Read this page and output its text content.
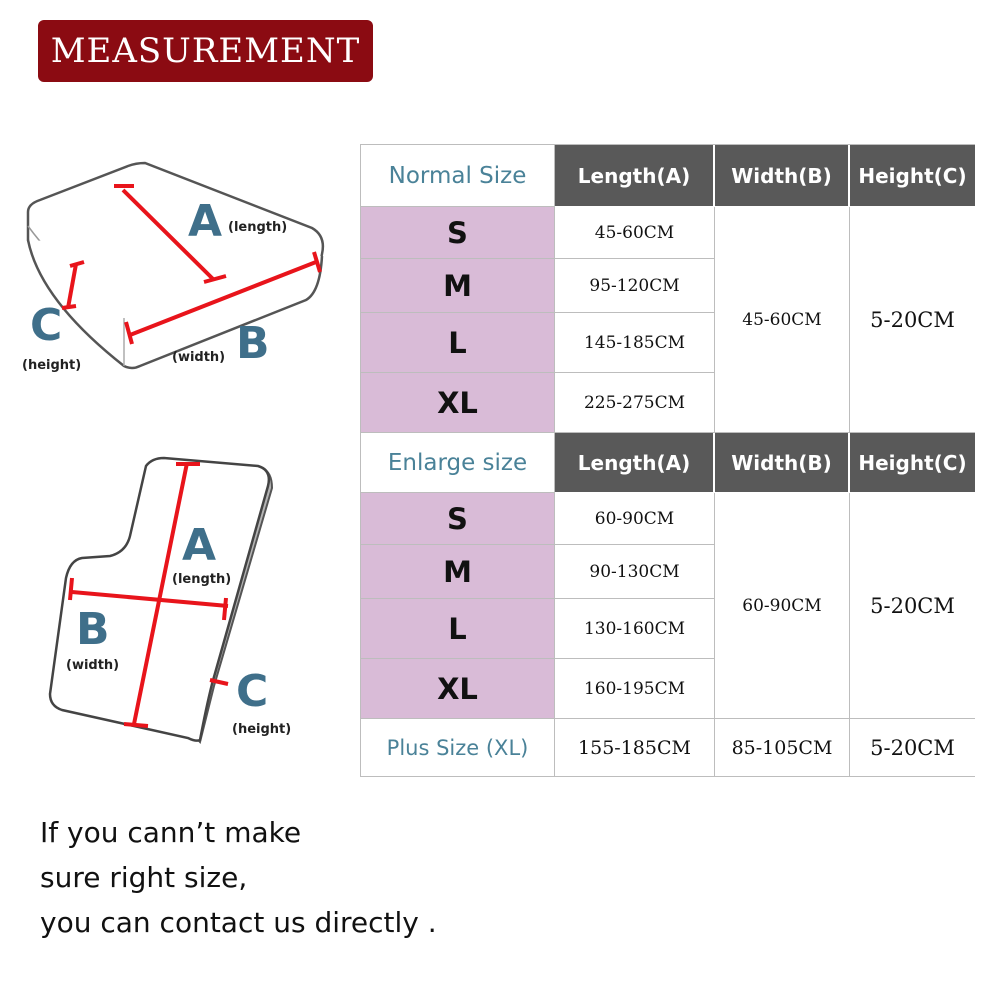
MEASUREMENT
A (length)
B
(width)
C
(height)
A
(length)
B
(width)
C
(height)
Normal Size	Length(A)	Width(B)	Height(C)
S	45-60CM
M	95-120CM
L	145-185CM
XL	225-275CM
45-60CM	5-20CM
Enlarge size	Length(A)	Width(B)	Height(C)
S	60-90CM
M	90-130CM
L	130-160CM
XL	160-195CM
60-90CM	5-20CM
Plus Size (XL)	155-185CM	85-105CM	5-20CM
If you cann’t make
sure right size,
you can contact us directly .
